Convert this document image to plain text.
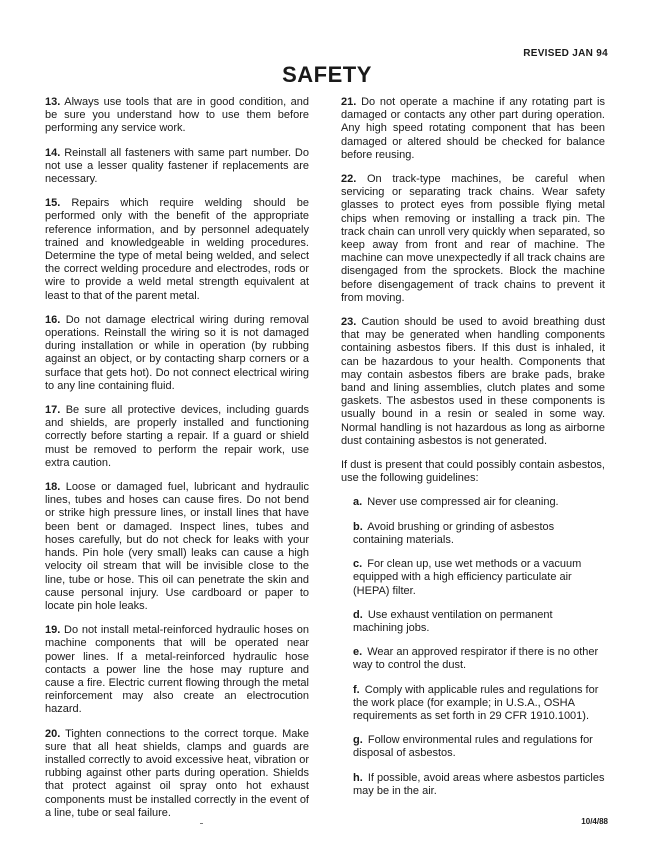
REVISED JAN 94
SAFETY

13. Always use tools that are in good condition, and be sure you understand how to use them before performing any service work.

14. Reinstall all fasteners with same part number. Do not use a lesser quality fastener if replacements are necessary.

15. Repairs which require welding should be performed only with the benefit of the appropriate reference information, and by personnel adequately trained and knowledgeable in welding procedures. Determine the type of metal being welded, and select the correct welding procedure and electrodes, rods or wire to provide a weld metal strength equivalent at least to that of the parent metal.

16. Do not damage electrical wiring during removal operations. Reinstall the wiring so it is not damaged during installation or while in operation (by rubbing against an object, or by contacting sharp corners or a surface that gets hot). Do not connect electrical wiring to any line containing fluid.

17. Be sure all protective devices, including guards and shields, are properly installed and functioning correctly before starting a repair. If a guard or shield must be removed to perform the repair work, use extra caution.

18. Loose or damaged fuel, lubricant and hydraulic lines, tubes and hoses can cause fires. Do not bend or strike high pressure lines, or install lines that have been bent or damaged. Inspect lines, tubes and hoses carefully, but do not check for leaks with your hands. Pin hole (very small) leaks can cause a high velocity oil stream that will be invisible close to the line, tube or hose. This oil can penetrate the skin and cause personal injury. Use cardboard or paper to locate pin hole leaks.

19. Do not install metal-reinforced hydraulic hoses on machine components that will be operated near power lines. If a metal-reinforced hydraulic hose contacts a power line the hose may rupture and cause a fire. Electric current flowing through the metal reinforcement may also create an electrocution hazard.

20. Tighten connections to the correct torque. Make sure that all heat shields, clamps and guards are installed correctly to avoid excessive heat, vibration or rubbing against other parts during operation. Shields that protect against oil spray onto hot exhaust components must be installed correctly in the event of a line, tube or seal failure.

21. Do not operate a machine if any rotating part is damaged or contacts any other part during operation. Any high speed rotating component that has been damaged or altered should be checked for balance before reusing.

22. On track-type machines, be careful when servicing or separating track chains. Wear safety glasses to protect eyes from possible flying metal chips when removing or installing a track pin. The track chain can unroll very quickly when separated, so keep away from front and rear of machine. The machine can move unexpectedly if all track chains are disengaged from the sprockets. Block the machine before disengagement of track chains to prevent it from moving.

23. Caution should be used to avoid breathing dust that may be generated when handling components containing asbestos fibers. If this dust is inhaled, it can be hazardous to your health. Components that may contain asbestos fibers are brake pads, brake band and lining assemblies, clutch plates and some gaskets. The asbestos used in these components is usually bound in a resin or sealed in some way. Normal handling is not hazardous as long as airborne dust containing asbestos is not generated.

If dust is present that could possibly contain asbestos, use the following guidelines:

a. Never use compressed air for cleaning.

b. Avoid brushing or grinding of asbestos containing materials.

c. For clean up, use wet methods or a vacuum equipped with a high efficiency particulate air (HEPA) filter.

d. Use exhaust ventilation on permanent machining jobs.

e. Wear an approved respirator if there is no other way to control the dust.

f. Comply with applicable rules and regulations for the work place (for example; in U.S.A., OSHA requirements as set forth in 29 CFR 1910.1001).

g. Follow environmental rules and regulations for disposal of asbestos.

h. If possible, avoid areas where asbestos particles may be in the air.

10/4/88
